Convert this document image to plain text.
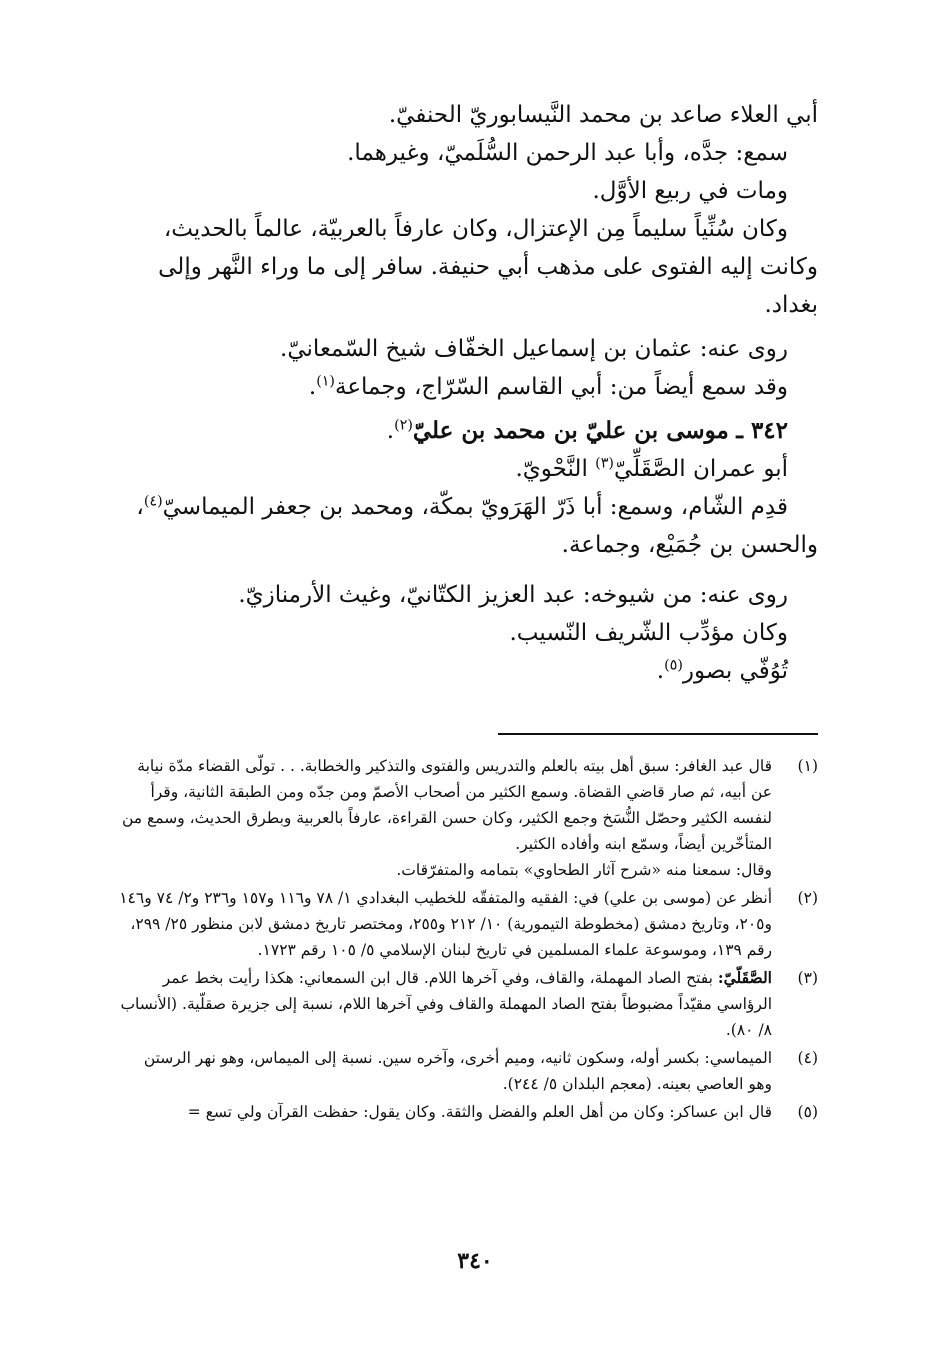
أبي العلاء صاعد بن محمد النَّيسابوريّ الحنفيّ.

سمع: جدَّه، وأبا عبد الرحمن السُّلَميّ، وغيرهما.

ومات في ربيع الأوَّل.

وكان سُنِّياً سليماً مِن الإعتزال، وكان عارفاً بالعربيّة، عالماً بالحديث،

وكانت إليه الفتوى على مذهب أبي حنيفة. سافر إلى ما وراء النَّهر وإلى بغداد.

روى عنه: عثمان بن إسماعيل الخفّاف شيخ السّمعانيّ.

وقد سمع أيضاً من: أبي القاسم السّرّاج، وجماعة$^{(١)}$.

٣٤٢ ـ موسى بن عليّ بن محمد بن عليّ$^{(٢)}$.

أبو عمران الصَّقَلِّيّ$^{(٣)}$ النَّحْويّ.

قدِم الشّام، وسمع: أبا ذَرّ الهَرَويّ بمكّة، ومحمد بن جعفر الميماسيّ$^{(٤)}$،

والحسن بن جُمَيْع، وجماعة.

روى عنه: من شيوخه: عبد العزيز الكتّانيّ، وغيث الأرمنازيّ.

وكان مؤدِّب الشّريف النّسيب.

تُوُفّي بصور$^{(٥)}$.

(١)

قال عبد الغافر: سبق أهل بيته بالعلم والتدريس والفتوى والتذكير والخطابة. . . تولّى القضاء مدّة نيابة عن أبيه، ثم صار قاضي القضاة. وسمع الكثير من أصحاب الأصمّ ومن جدّه ومن الطبقة الثانية، وقرأ لنفسه الكثير وحصّل النُّسَخ وجمع الكثير، وكان حسن القراءة، عارفاً بالعربية وبطرق الحديث، وسمع من المتأخّرين أيضاً، وسمّع ابنه وأفاده الكثير.

وقال: سمعنا منه «شرح آثار الطحاوي» بتمامه والمتفرّقات.

(٢)

أنظر عن (موسى بن علي) في: الفقيه والمتفقّه للخطيب البغدادي ١/ ٧٨ و١١٦ و١٥٧ و٢٣٦ و٢/ ٧٤ و١٤٦ و٢٠٥، وتاريخ دمشق (مخطوطة التيمورية) ١٠/ ٢١٢ و٢٥٥، ومختصر تاريخ دمشق لابن منظور ٢٥/ ٢٩٩، رقم ١٣٩، وموسوعة علماء المسلمين في تاريخ لبنان الإسلامي ٥/ ١٠٥ رقم ١٧٢٣.

(٣)

الصَّقَلّيّ: بفتح الصاد المهملة، والقاف، وفي آخرها اللام. قال ابن السمعاني: هكذا رأيت بخط عمر الرؤاسي مقيّداً مضبوطاً بفتح الصاد المهملة والقاف وفي آخرها اللام، نسبة إلى جزيرة صقلّية. (الأنساب ٨/ ٨٠).

(٤)

الميماسي: بكسر أوله، وسكون ثانيه، وميم أخرى، وآخره سين. نسبة إلى الميماس، وهو نهر الرستن وهو العاصي بعينه. (معجم البلدان ٥/ ٢٤٤).

(٥)

قال ابن عساكر: وكان من أهل العلم والفضل والثقة. وكان يقول: حفظت القرآن ولي تسع =

٣٤٠
